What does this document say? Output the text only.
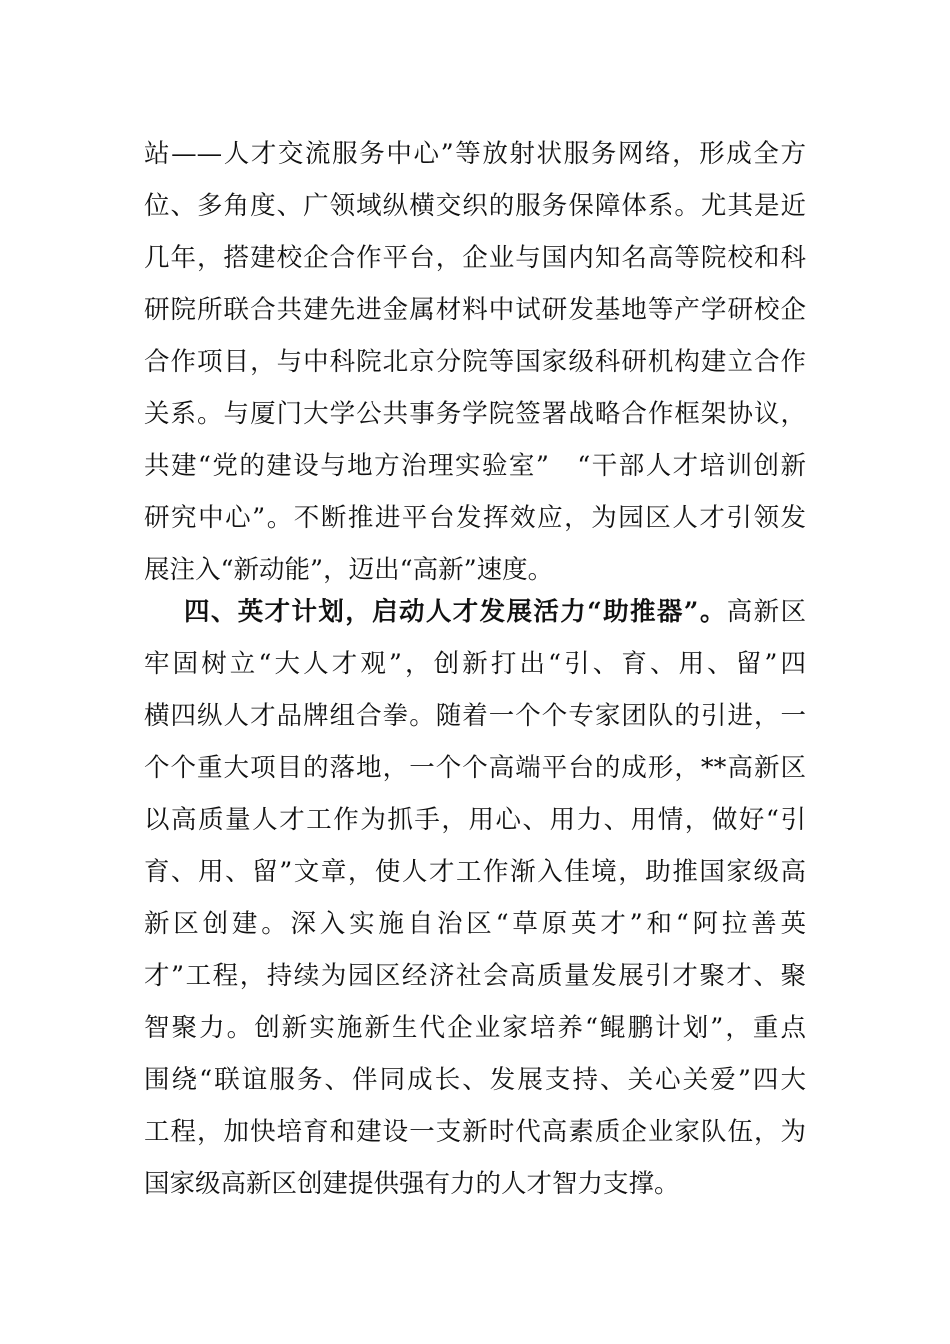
站——人才交流服务中心”等放射状服务网络，形成全方
位、多角度、广领域纵横交织的服务保障体系。尤其是近
几年，搭建校企合作平台，企业与国内知名高等院校和科
研院所联合共建先进金属材料中试研发基地等产学研校企
合作项目，与中科院北京分院等国家级科研机构建立合作
关系。与厦门大学公共事务学院签署战略合作框架协议，
共建“党的建设与地方治理实验室”　“干部人才培训创新
研究中心”。不断推进平台发挥效应，为园区人才引领发
展注入“新动能”，迈出“高新”速度。
四、英才计划，启动人才发展活力“助推器”。高新区
牢固树立“大人才观”，创新打出“引、育、用、留”四
横四纵人才品牌组合拳。随着一个个专家团队的引进，一
个个重大项目的落地，一个个高端平台的成形，**高新区
以高质量人才工作为抓手，用心、用力、用情，做好“引
育、用、留”文章，使人才工作渐入佳境，助推国家级高
新区创建。深入实施自治区“草原英才”和“阿拉善英
才”工程，持续为园区经济社会高质量发展引才聚才、聚
智聚力。创新实施新生代企业家培养“鲲鹏计划”，重点
围绕“联谊服务、伴同成长、发展支持、关心关爱”四大
工程，加快培育和建设一支新时代高素质企业家队伍，为
国家级高新区创建提供强有力的人才智力支撑。
